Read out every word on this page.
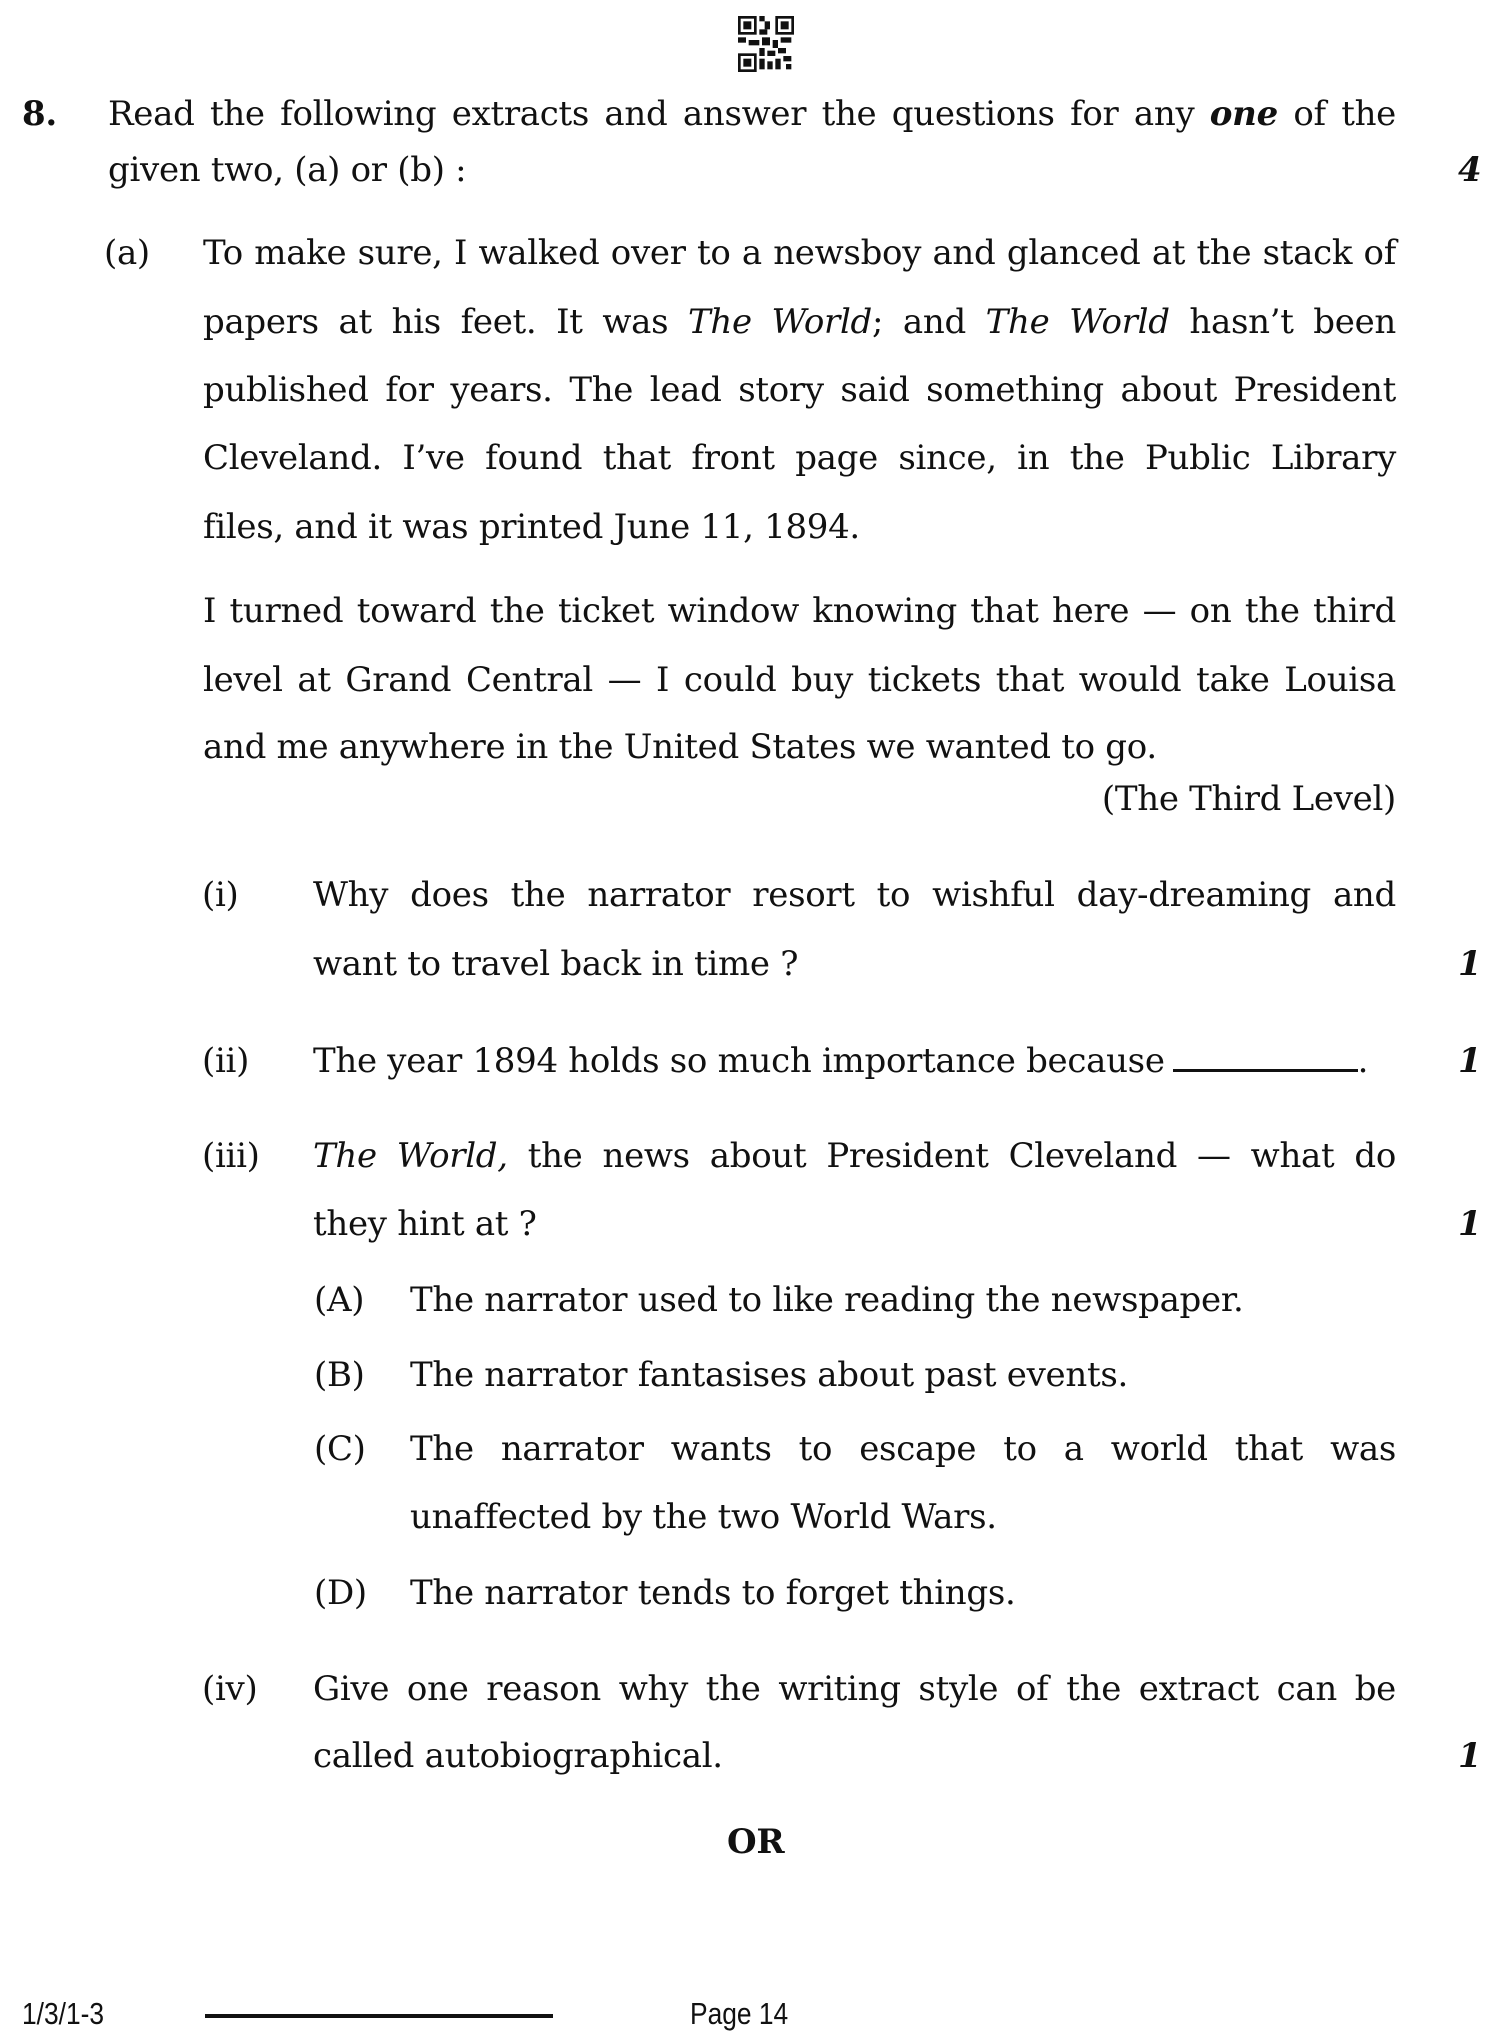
8. Read the following extracts and answer the questions for any one of the
given two, (a) or (b) :	4
(a) To make sure, I walked over to a newsboy and glanced at the stack of
papers at his feet. It was The World; and The World hasn’t been
published for years. The lead story said something about President
Cleveland. I’ve found that front page since, in the Public Library
files, and it was printed June 11, 1894.
I turned toward the ticket window knowing that here — on the third
level at Grand Central — I could buy tickets that would take Louisa
and me anywhere in the United States we wanted to go.
(The Third Level)
(i) Why does the narrator resort to wishful day-dreaming and
want to travel back in time ?	1
(ii) The year 1894 holds so much importance because	.	1
(iii) The World, the news about President Cleveland — what do
they hint at ?	1
(A) The narrator used to like reading the newspaper.
(B) The narrator fantasises about past events.
(C) The narrator wants to escape to a world that was
unaffected by the two World Wars.
(D) The narrator tends to forget things.
(iv) Give one reason why the writing style of the extract can be
called autobiographical.	1
OR
1/3/1-3	Page 14
